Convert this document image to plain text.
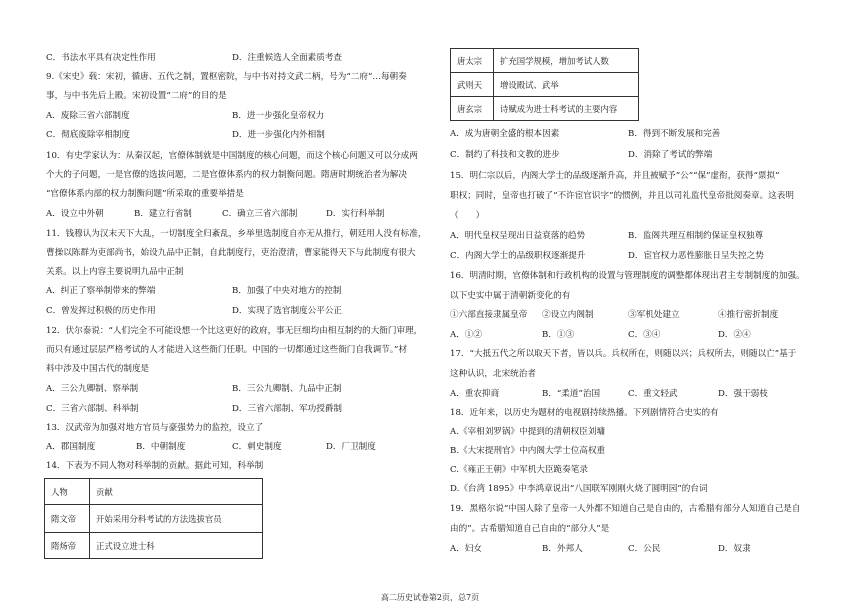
C．书法水平具有决定性作用	D．注重候选人全面素质考查
9.《宋史》载：宋初，循唐、五代之制，置枢密院，与中书对持文武二柄，号为“二府”…每朝奏
事，与中书先后上殿。宋初设置“二府”的目的是
A．废除三省六部制度	B．进一步强化皇帝权力
C．彻底废除宰相制度	D．进一步强化内外相制
10．有史学家认为：从秦汉起，官僚体制就是中国制度的核心问题，而这个核心问题又可以分成两
个大的子问题，一是官僚的选拔问题，二是官僚体系内的权力制衡问题。隋唐时期统治者为解决
“官僚体系内部的权力制衡问题”所采取的重要举措是
A．设立中外朝	B．建立行省制	C．确立三省六部制	D．实行科举制
11．钱穆认为汉末天下大乱，一切制度全归紊乱，乡举里选制度自亦无从推行，朝廷用人没有标准，
曹操以陈群为吏部尚书，始设九品中正制，自此制度行，吏治澄清，曹家能得天下与此制度有很大
关系。以上内容主要说明九品中正制
A．纠正了察举制带来的弊端	B．加强了中央对地方的控制
C．曾发挥过积极的历史作用	D．实现了选官制度公平公正
12．伏尔泰说：“人们完全不可能设想一个比这更好的政府，事无巨细均由相互制约的大衙门审理，
而只有通过层层严格考试的人才能进入这些衙门任职。中国的一切都通过这些衙门自我调节。”材
料中涉及中国古代的制度是
A．三公九卿制、察举制	B．三公九卿制、九品中正制
C．三省六部制、科举制	D．三省六部制、军功授爵制
13．汉武帝为加强对地方官员与豪强势力的监控，设立了
A．郡国制度	B．中朝制度	C．刺史制度	D．厂卫制度
14．下表为不同人物对科举制的贡献。据此可知，科举制
人物	贡献
隋文帝	开始采用分科考试的方法选拔官员
隋炀帝	正式设立进士科
唐太宗	扩充国学规模，增加考试人数
武则天	增设殿试、武举
唐玄宗	诗赋成为进士科考试的主要内容
A．成为唐朝全盛的根本因素	B．得到不断发展和完善
C．制约了科技和文教的进步	D．消除了考试的弊端
15．明仁宗以后，内阁大学士的品级逐渐升高，并且被赋予“公”“保”虚衔，获得“票拟”
职权；同时，皇帝也打破了“不许宦官识字”的惯例，并且以司礼监代皇帝批阅奏章。这表明
（　　）
A．明代皇权呈现出日益衰落的趋势	B．监阁共理互相制约保证皇权独尊
C．内阁大学士的品级职权逐渐提升	D．宦官权力恶性膨胀日呈失控之势
16．明清时期，官僚体制和行政机构的设置与管理制度的调整都体现出君主专制制度的加强。
以下史实中属于清朝新变化的有
①六部直接隶属皇帝 ②设立内阁制	③军机处建立	④推行密折制度
A．①②	B．①③	C．③④	D．②④
17．“大抵五代之所以取天下者，皆以兵。兵权所在，则随以兴；兵权所去，则随以亡”基于
这种认识，北宋统治者
A．重农抑商	B．“柔道”治国	C．重文轻武	D．强干弱枝
18．近年来，以历史为题材的电视剧持续热播。下列剧情符合史实的有
A.《宰相刘罗锅》中提到的清朝权臣刘墉
B.《大宋提刑官》中内阁大学士位高权重
C.《雍正王朝》中军机大臣跪奏笔录
D.《台湾 1895》中李鸿章说出“八国联军刚刚火烧了圆明园”的台词
19．黑格尔说“中国人除了皇帝一人外都不知道自己是自由的，古希腊有部分人知道自己是自
由的”。古希腊知道自己自由的“部分人”是
A．妇女	B．外邦人	C．公民	D．奴隶
高二历史试卷第2页，总7页
